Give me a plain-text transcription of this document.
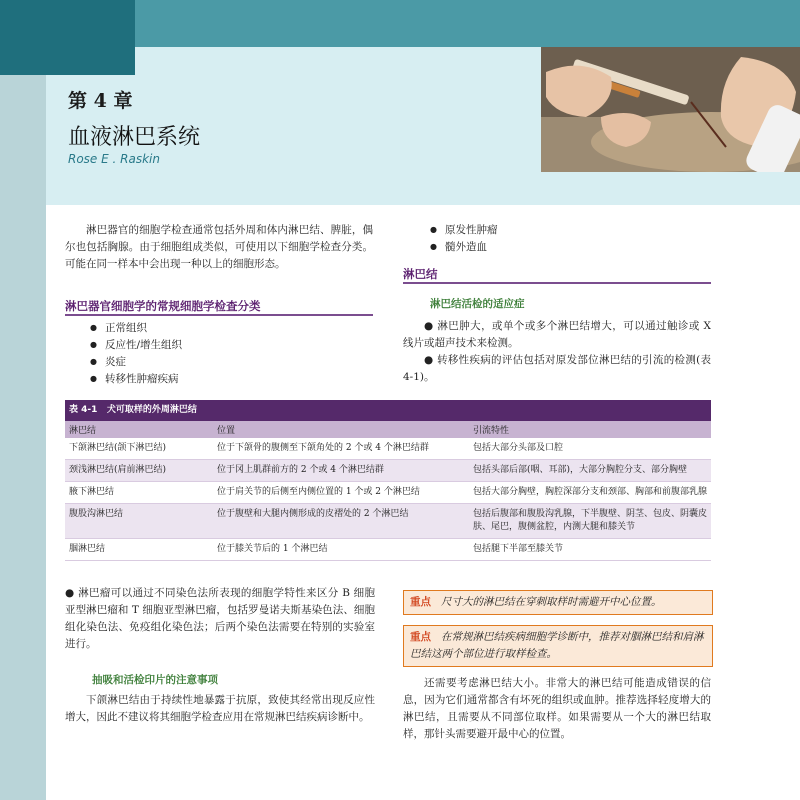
第 4 章
血液淋巴系统
Rose E . Raskin
淋巴器官的细胞学检查通常包括外周和体内淋巴结、脾脏，偶尔也包括胸腺。由于细胞组成类似，可使用以下细胞学检查分类。可能在同一样本中会出现一种以上的细胞形态。
淋巴器官细胞学的常规细胞学检查分类
● 正常组织
● 反应性/增生组织
● 炎症
● 转移性肿瘤疾病
● 原发性肿瘤
● 髓外造血
淋巴结
淋巴结活检的适应症
● 淋巴肿大，或单个或多个淋巴结增大，可以通过触诊或 X 线片或超声技术来检测。
● 转移性疾病的评估包括对原发部位淋巴结的引流的检测(表 4-1)。
表 4-1 犬可取样的外周淋巴结		
淋巴结	位置	引流特性
下颌淋巴结(颌下淋巴结)	位于下颌骨的腹侧至下颌角处的 2 个或 4 个淋巴结群	包括大部分头部及口腔
颈浅淋巴结(肩前淋巴结)	位于冈上肌群前方的 2 个或 4 个淋巴结群	包括头部后部(咽、耳部)，大部分胸腔分支、部分胸壁
腋下淋巴结	位于肩关节的后侧至内侧位置的 1 个或 2 个淋巴结	包括大部分胸壁，胸腔深部分支和颈部、胸部和前腹部乳腺
腹股沟淋巴结	位于腹壁和大腿内侧形成的皮褶处的 2 个淋巴结	包括后腹部和腹股沟乳腺，下半腹壁、阴茎、包皮、阴囊皮肤、尾巴，腹侧盆腔，内测大腿和膝关节
腘淋巴结	位于膝关节后的 1 个淋巴结	包括腿下半部至膝关节
● 淋巴瘤可以通过不同染色法所表现的细胞学特性来区分 B 细胞亚型淋巴瘤和 T 细胞亚型淋巴瘤，包括罗曼诺夫斯基染色法、细胞组化染色法、免疫组化染色法；后两个染色法需要在特别的实验室进行。
抽吸和活检印片的注意事项
下颌淋巴结由于持续性地暴露于抗原，致使其经常出现反应性增大，因此不建议将其细胞学检查应用在常规淋巴结疾病诊断中。
重点 尺寸大的淋巴结在穿刺取样时需避开中心位置。
重点 在常规淋巴结疾病细胞学诊断中，推荐对腘淋巴结和肩淋巴结这两个部位进行取样检查。
还需要考虑淋巴结大小。非常大的淋巴结可能造成错误的信息，因为它们通常都含有坏死的组织或血肿。推荐选择轻度增大的淋巴结，且需要从不同部位取样。如果需要从一个大的淋巴结取样，那针头需要避开最中心的位置。
